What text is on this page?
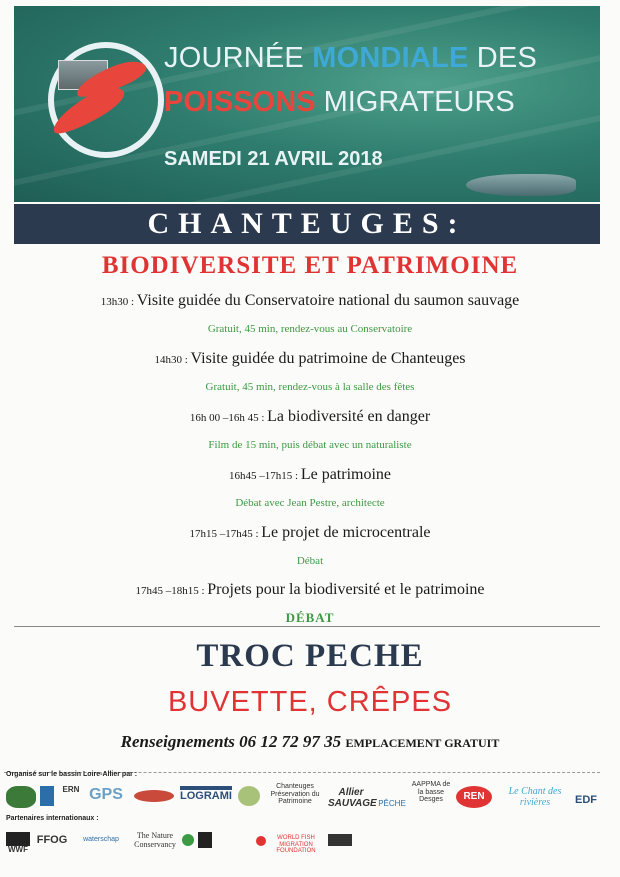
JOURNÉE MONDIALE DES
POISSONS MIGRATEURS
SAMEDI 21 AVRIL 2018
CHANTEUGES:
BIODIVERSITE ET PATRIMOINE
13h30 : Visite guidée du Conservatoire national du saumon sauvage
Gratuit, 45 min, rendez-vous au Conservatoire
14h30 : Visite guidée du patrimoine de Chanteuges
Gratuit, 45 min, rendez-vous à la salle des fêtes
16h 00 –16h 45 : La biodiversité en danger
Film de 15 min, puis débat avec un naturaliste
16h45 –17h15 : Le patrimoine
Débat avec Jean Pestre, architecte
17h15 –17h45 : Le projet de microcentrale
Débat
17h45 –18h15 : Projets pour la biodiversité et le patrimoine
DÉBAT
TROC PECHE
BUVETTE, CRÊPES
Renseignements 06 12 72 97 35 EMPLACEMENT GRATUIT
Organisé sur le bassin Loire-Allier par :
ERN GPS	LOGRAMI
Chanteuges Préservation du Patrimoine
Allier SAUVAGE PÊCHE
AAPPMA de la basse Desges	REN	Le Chant des rivières	EDF
Partenaires internationaux :
WWF
FFOG	waterschap	The Nature Conservancy
WORLD FISH MIGRATION FOUNDATION
